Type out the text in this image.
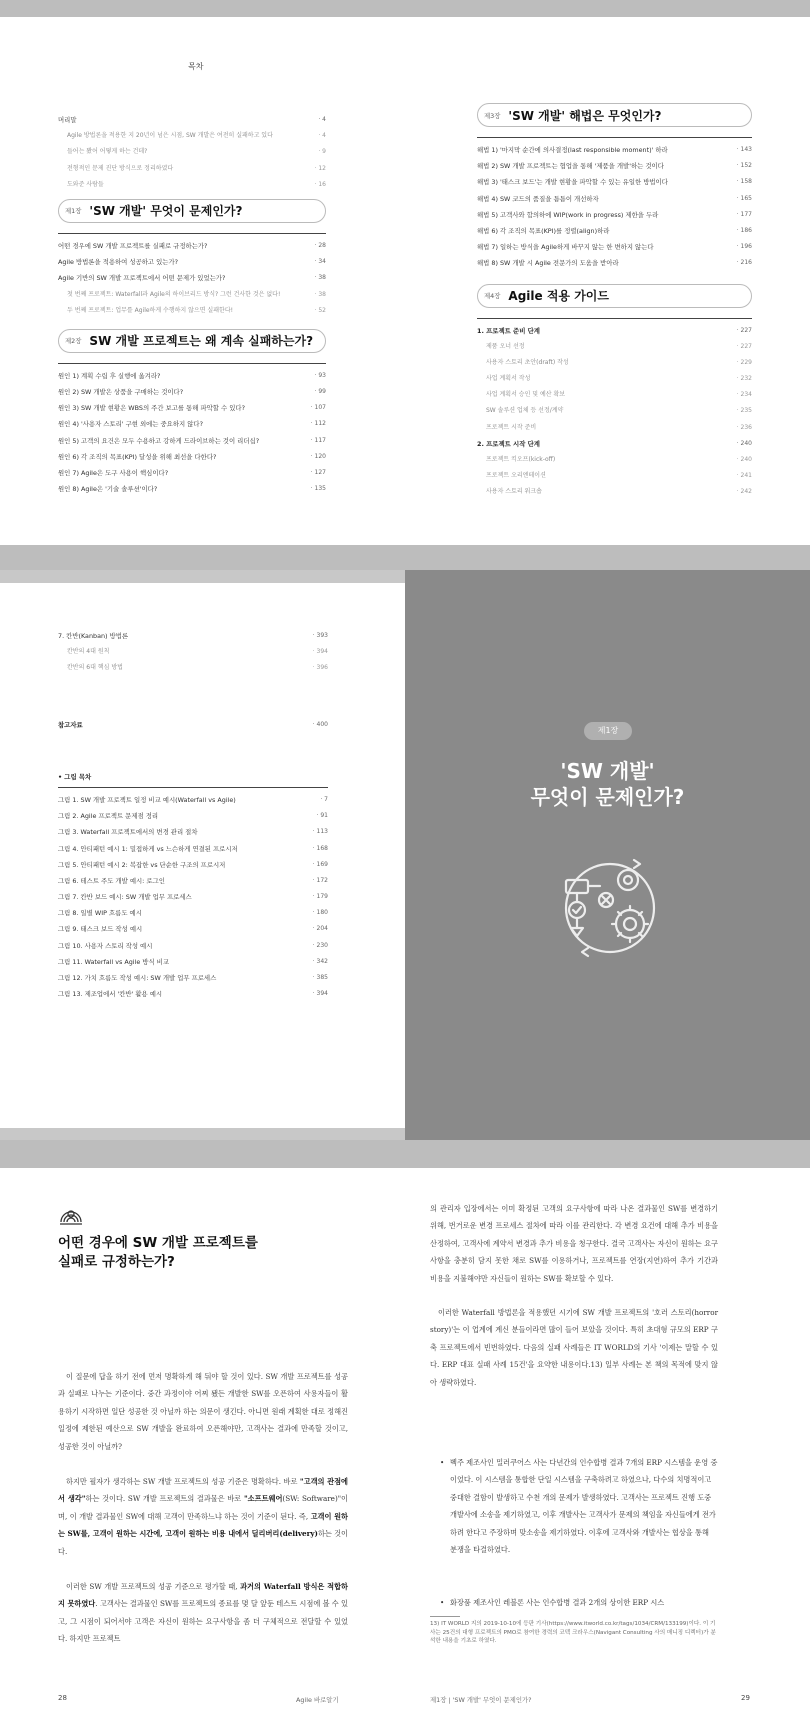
목차
머리말	· 4
Agile 방법론을 적용한 지 20년이 넘은 시점, SW 개발은 여전히 실패하고 있다	· 4
들어는 봤어 어떻게 하는 건데?	· 9
전형적인 문제 진단 방식으로 정리하였다	· 12
도와준 사람들	· 16
제1장 'SW 개발' 무엇이 문제인가?
어떤 경우에 SW 개발 프로젝트를 실패로 규정하는가?	· 28
Agile 방법론을 적용하여 성공하고 있는가?	· 34
Agile 기반의 SW 개발 프로젝트에서 어떤 문제가 있었는가?	· 38
첫 번째 프로젝트: Waterfall과 Agile의 하이브리드 방식? 그런 건사한 것은 없다!	· 38
두 번째 프로젝트: 업무를 Agile하게 수행하지 않으면 실패한다!	· 52
제2장 SW 개발 프로젝트는 왜 계속 실패하는가?
원인 1) 계획 수립 후 실행에 옮겨라?	· 93
원인 2) SW 개발은 상품을 구매하는 것이다?	· 99
원인 3) SW 개발 현황은 WBS의 주간 보고를 통해 파악할 수 있다?	· 107
원인 4) '사용자 스토리' 구현 외에는 중요하지 않다?	· 112
원인 5) 고객의 요건은 모두 수용하고 강하게 드라이브하는 것이 리더십?	· 117
원인 6) 각 조직의 목표(KPI) 달성을 위해 최선을 다한다?	· 120
원인 7) Agile은 도구 사용이 핵심이다?	· 127
원인 8) Agile은 '기술 솔루션'이다?	· 135
제3장 'SW 개발' 해법은 무엇인가?
해법 1) '마지막 순간에 의사결정(last responsible moment)' 하라	· 143
해법 2) SW 개발 프로젝트는 협업을 통해 '제품을 개발'하는 것이다	· 152
해법 3) '태스크 보드'는 개발 현황을 파악할 수 있는 유일한 방법이다	· 158
해법 4) SW 코드의 품질을 틈틈이 개선하자	· 165
해법 5) 고객사와 합의하에 WIP(work in progress) 제한을 두라	· 177
해법 6) 각 조직의 목표(KPI)를 정렬(align)하라	· 186
해법 7) 일하는 방식을 Agile하게 바꾸지 않는 한 변하지 않는다	· 196
해법 8) SW 개발 시 Agile 전문가의 도움을 받아라	· 216
제4장 Agile 적용 가이드
1. 프로젝트 준비 단계	· 227
제품 오너 선정	· 227
사용자 스토리 초안(draft) 작성	· 229
사업 계획서 작성	· 232
사업 계획서 승인 및 예산 확보	· 234
SW 솔루션 업체 등 선정/계약	· 235
프로젝트 시작 준비	· 236
2. 프로젝트 시작 단계	· 240
프로젝트 킥오프(kick-off)	· 240
프로젝트 오리엔테이션	· 241
사용자 스토리 워크숍	· 242
7. 칸반(Kanban) 방법론	· 393
칸반의 4대 원칙	· 394
칸반의 6대 핵심 방법	· 396
참고자료	· 400
• 그림 목차
그림 1. SW 개발 프로젝트 일정 비교 예시(Waterfall vs Agile)	· 7
그림 2. Agile 프로젝트 문제점 정리	· 91
그림 3. Waterfall 프로젝트에서의 변경 관리 절차	· 113
그림 4. 안티패턴 예시 1: 밀접하게 vs 느슨하게 연결된 프로시저	· 168
그림 5. 안티패턴 예시 2: 복잡한 vs 단순한 구조의 프로시저	· 169
그림 6. 테스트 주도 개발 예시: 로그인	· 172
그림 7. 칸반 보드 예시: SW 개발 업무 프로세스	· 179
그림 8. 일별 WIP 흐름도 예시	· 180
그림 9. 태스크 보드 작성 예시	· 204
그림 10. 사용자 스토리 작성 예시	· 230
그림 11. Waterfall vs Agile 방식 비교	· 342
그림 12. 가치 흐름도 작성 예시: SW 개발 업무 프로세스	· 385
그림 13. 제조업에서 '칸반' 활용 예시	· 394
제1장
'SW 개발'
무엇이 문제인가?
어떤 경우에 SW 개발 프로젝트를
실패로 규정하는가?
이 질문에 답을 하기 전에 먼저 명확하게 해 둬야 할 것이 있다. SW 개발 프로젝트를 성공과 실패로 나누는 기준이다. 중간 과정이야 어찌 됐든 개발한 SW를 오픈하여 사용자들이 활용하기 시작하면 일단 성공한 것 아닐까 하는 의문이 생긴다. 아니면 원래 계획한 대로 정해진 일정에 제한된 예산으로 SW 개발을 완료하여 오픈해야만, 고객사는 결과에 만족할 것이고, 성공한 것이 아닐까?
하지만 필자가 생각하는 SW 개발 프로젝트의 성공 기준은 명확하다. 바로 "고객의 관점에서 생각"하는 것이다. SW 개발 프로젝트의 결과물은 바로 "소프트웨어(SW: Software)"이며, 이 개발 결과물인 SW에 대해 고객이 만족하느냐 하는 것이 기준이 된다. 즉, 고객이 원하는 SW를, 고객이 원하는 시간에, 고객이 원하는 비용 내에서 딜리버리(delivery)하는 것이다.
이러한 SW 개발 프로젝트의 성공 기준으로 평가할 때, 과거의 Waterfall 방식은 적합하지 못하였다. 고객사는 결과물인 SW를 프로젝트의 종료를 몇 달 앞둔 테스트 시점에 볼 수 있고, 그 시점이 되어서야 고객은 자신이 원하는 요구사항을 좀 더 구체적으로 전달할 수 있었다. 하지만 프로젝트
28	Agile 바로알기
의 관리자 입장에서는 이미 확정된 고객의 요구사항에 따라 나온 결과물인 SW를 변경하기 위해, 번거로운 변경 프로세스 절차에 따라 이를 관리한다. 각 변경 요건에 대해 추가 비용을 산정하여, 고객사에 계약서 변경과 추가 비용을 청구한다. 결국 고객사는 자신이 원하는 요구사항을 충분히 담지 못한 채로 SW를 이용하거나, 프로젝트를 연장(지연)하여 추가 기간과 비용을 지불해야만 자신들이 원하는 SW를 확보할 수 있다.
이러한 Waterfall 방법론을 적용했던 시기에 SW 개발 프로젝트의 '호러 스토리(horror story)'는 이 업계에 계신 분들이라면 많이 들어 보았을 것이다. 특히 초대형 규모의 ERP 구축 프로젝트에서 빈번하였다. 다음의 실패 사례들은 IT WORLD의 기사 '이제는 말할 수 있다. ERP 대표 실패 사례 15건'을 요약한 내용이다.13) 일부 사례는 본 책의 목적에 맞지 않아 생략하였다.
• 벡주 제조사인 밀러쿠어스 사는 다년간의 인수합병 결과 7개의 ERP 시스템을 운영 중이었다. 이 시스템을 통합한 단일 시스템을 구축하려고 하였으나, 다수의 치명적이고 중대한 결함이 발생하고 수천 개의 문제가 발생하였다. 고객사는 프로젝트 진행 도중 개발사에 소송을 제기하였고, 이후 개발사는 고객사가 문제의 책임을 자신들에게 전가하려 한다고 주장하며 맞소송을 제기하였다. 이후에 고객사와 개발사는 협상을 통해 분쟁을 타결하였다.
• 화장품 제조사인 레블론 사는 인수합병 결과 2개의 상이한 ERP 시스
13) IT WORLD 지의 2019-10-10에 등판 기사(https://www.itworld.co.kr/tags/1034/CRM/133199)이다. 이 기사는 25건의 대형 프로젝트의 PMO로 참여한 경력의 코텍 크라우스(Navigant Consulting 사의 매니징 디렉터)가 분석한 내용을 기초로 하였다.
제1장 | 'SW 개발' 무엇이 문제인가?	29
